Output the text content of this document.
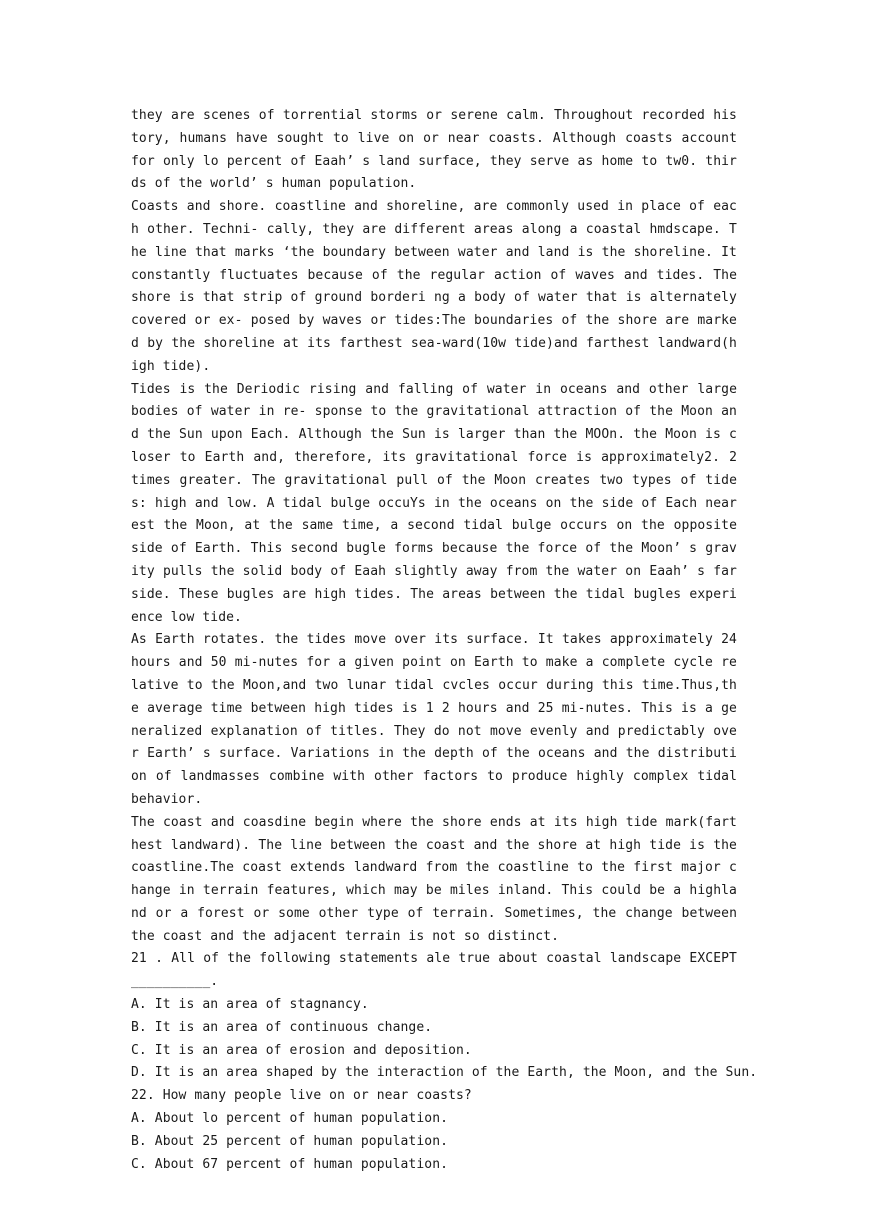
they are scenes of torrential storms or serene calm. Throughout recorded history, humans have sought to live on or near coasts. Although coasts account for only lo percent of Eaah’ s land surface, they serve as home to tw0. thirds of the world’ s human population.

Coasts and shore. coastline and shoreline, are commonly used in place of each other. Techni- cally, they are different areas along a coastal hmdscape. The line that marks ‘the boundary between water and land is the shoreline. It constantly fluctuates because of the regular action of waves and tides. The shore is that strip of ground borderi ng a body of water that is alternately covered or ex- posed by waves or tides:The boundaries of the shore are marked by the shoreline at its farthest sea-ward(10w tide)and farthest landward(high tide).

Tides is the Deriodic rising and falling of water in oceans and other large bodies of water in re- sponse to the gravitational attraction of the Moon and the Sun upon Each. Although the Sun is larger than the MOOn. the Moon is closer to Earth and, therefore, its gravitational force is approximately2. 2 times greater. The gravitational pull of the Moon creates two types of tides: high and low. A tidal bulge occuYs in the oceans on the side of Each nearest the Moon, at the same time, a second tidal bulge occurs on the opposite side of Earth. This second bugle forms because the force of the Moon’ s gravity pulls the solid body of Eaah slightly away from the water on Eaah’ s far side. These bugles are high tides. The areas between the tidal bugles experience low tide.

As Earth rotates. the tides move over its surface. It takes approximately 24 hours and 50 mi-nutes for a given point on Earth to make a complete cycle relative to the Moon,and two lunar tidal cvcles occur during this time.Thus,the average time between high tides is 1 2 hours and 25 mi-nutes. This is a generalized explanation of titles. They do not move evenly and predictably over Earth’ s surface. Variations in the depth of the oceans and the distribution of landmasses combine with other factors to produce highly complex tidal behavior.

The coast and coasdine begin where the shore ends at its high tide mark(farthest landward). The line between the coast and the shore at high tide is the coastline.The coast extends landward from the coastline to the first major change in terrain features, which may be miles inland. This could be a highland or a forest or some other type of terrain. Sometimes, the change between the coast and the adjacent terrain is not so distinct.

21 . All of the following statements ale true about coastal landscape EXCEPT__________.

A. It is an area of stagnancy.

B. It is an area of continuous change.

C. It is an area of erosion and deposition.

D. It is an area shaped by the interaction of the Earth, the Moon, and the Sun.

22. How many people live on or near coasts?

A. About lo percent of human population.

B. About 25 percent of human population.

C. About 67 percent of human population.
